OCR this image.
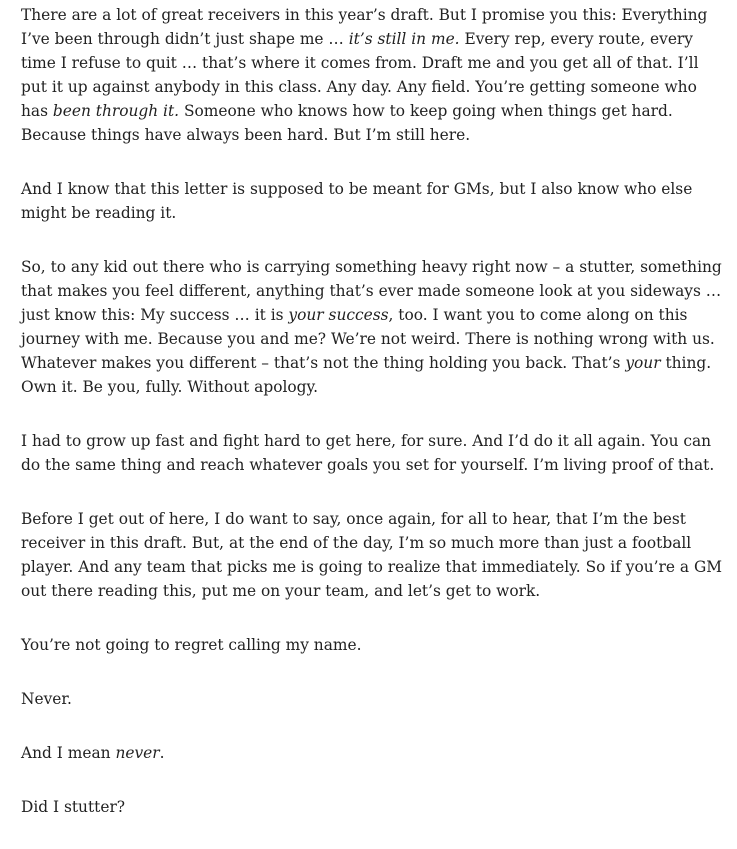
There are a lot of great receivers in this year’s draft. But I promise you this: Everything I’ve been through didn’t just shape me … it’s still in me. Every rep, every route, every time I refuse to quit … that’s where it comes from. Draft me and you get all of that. I’ll put it up against anybody in this class. Any day. Any field. You’re getting someone who has been through it. Someone who knows how to keep going when things get hard. Because things have always been hard. But I’m still here.

And I know that this letter is supposed to be meant for GMs, but I also know who else might be reading it.

So, to any kid out there who is carrying something heavy right now – a stutter, something that makes you feel different, anything that’s ever made someone look at you sideways … just know this: My success … it is your success, too. I want you to come along on this journey with me. Because you and me? We’re not weird. There is nothing wrong with us. Whatever makes you different – that’s not the thing holding you back. That’s your thing. Own it. Be you, fully. Without apology.

I had to grow up fast and fight hard to get here, for sure. And I’d do it all again. You can do the same thing and reach whatever goals you set for yourself. I’m living proof of that.

Before I get out of here, I do want to say, once again, for all to hear, that I’m the best receiver in this draft. But, at the end of the day, I’m so much more than just a football player. And any team that picks me is going to realize that immediately. So if you’re a GM out there reading this, put me on your team, and let’s get to work.

You’re not going to regret calling my name.

Never.

And I mean never.

Did I stutter?
